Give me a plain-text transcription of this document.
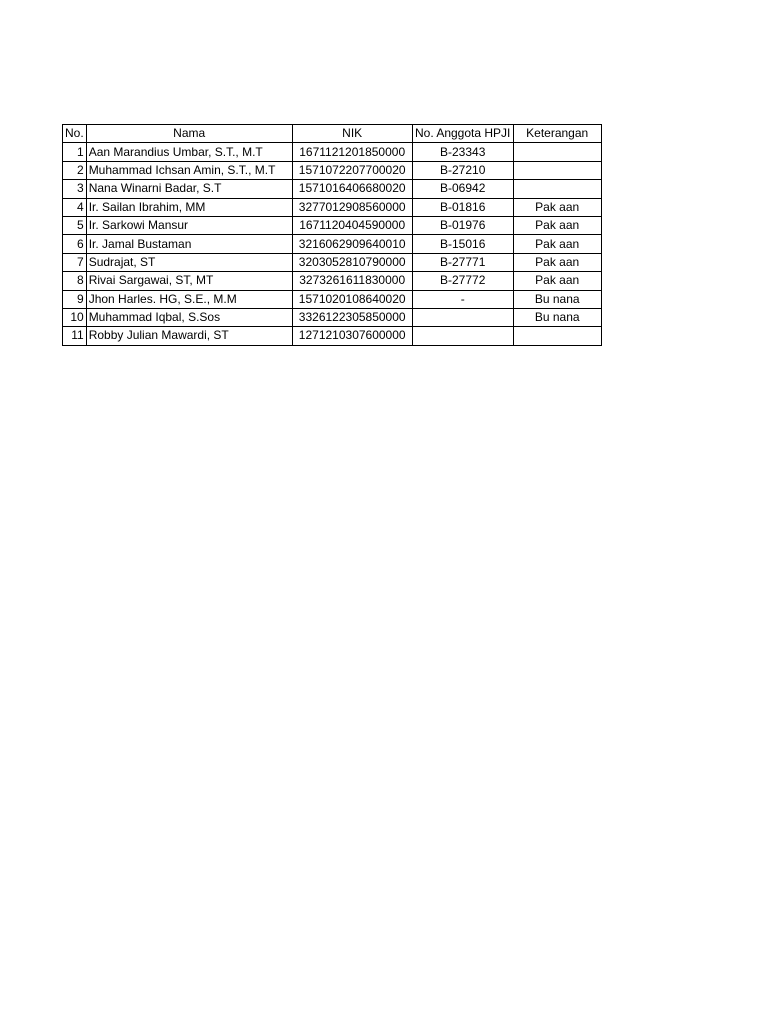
No.	Nama	NIK	No. Anggota HPJI	Keterangan
1	Aan Marandius Umbar, S.T., M.T	1671121201850000	B-23343	
2	Muhammad Ichsan Amin, S.T., M.T	1571072207700020	B-27210	
3	Nana Winarni Badar, S.T	1571016406680020	B-06942	
4	Ir. Sailan Ibrahim, MM	3277012908560000	B-01816	Pak aan
5	Ir. Sarkowi Mansur	1671120404590000	B-01976	Pak aan
6	Ir. Jamal Bustaman	3216062909640010	B-15016	Pak aan
7	Sudrajat, ST	3203052810790000	B-27771	Pak aan
8	Rivai Sargawai, ST, MT	3273261611830000	B-27772	Pak aan
9	Jhon Harles. HG, S.E., M.M	1571020108640020	-	Bu nana
10	Muhammad Iqbal, S.Sos	3326122305850000		Bu nana
11	Robby Julian Mawardi, ST	1271210307600000		
